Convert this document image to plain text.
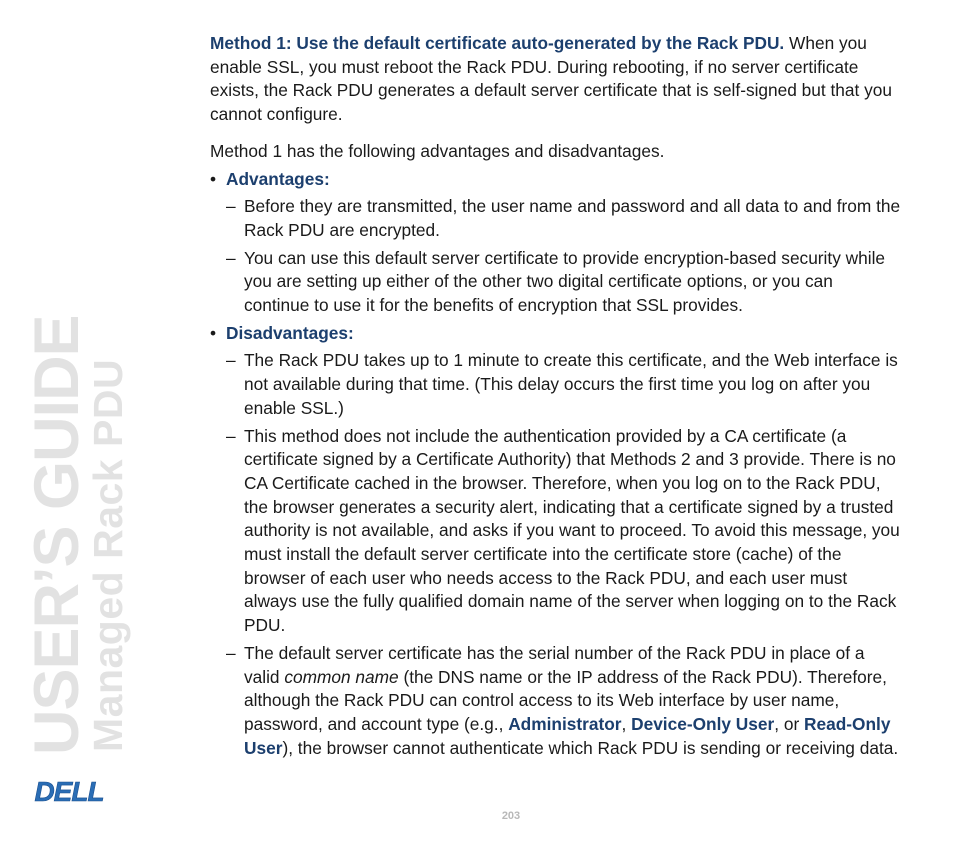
USER’S GUIDE
Managed Rack PDU
DELL

Method 1: Use the default certificate auto-generated by the Rack PDU. When you enable SSL, you must reboot the Rack PDU. During rebooting, if no server certificate exists, the Rack PDU generates a default server certificate that is self-signed but that you cannot configure.

Method 1 has the following advantages and disadvantages.

• Advantages:
– Before they are transmitted, the user name and password and all data to and from the Rack PDU are encrypted.
– You can use this default server certificate to provide encryption-based security while you are setting up either of the other two digital certificate options, or you can continue to use it for the benefits of encryption that SSL provides.
• Disadvantages:
– The Rack PDU takes up to 1 minute to create this certificate, and the Web interface is not available during that time. (This delay occurs the first time you log on after you enable SSL.)
– This method does not include the authentication provided by a CA certificate (a certificate signed by a Certificate Authority) that Methods 2 and 3 provide. There is no CA Certificate cached in the browser. Therefore, when you log on to the Rack PDU, the browser generates a security alert, indicating that a certificate signed by a trusted authority is not available, and asks if you want to proceed. To avoid this message, you must install the default server certificate into the certificate store (cache) of the browser of each user who needs access to the Rack PDU, and each user must always use the fully qualified domain name of the server when logging on to the Rack PDU.
– The default server certificate has the serial number of the Rack PDU in place of a valid common name (the DNS name or the IP address of the Rack PDU). Therefore, although the Rack PDU can control access to its Web interface by user name, password, and account type (e.g., Administrator, Device-Only User, or Read-Only User), the browser cannot authenticate which Rack PDU is sending or receiving data.
203
